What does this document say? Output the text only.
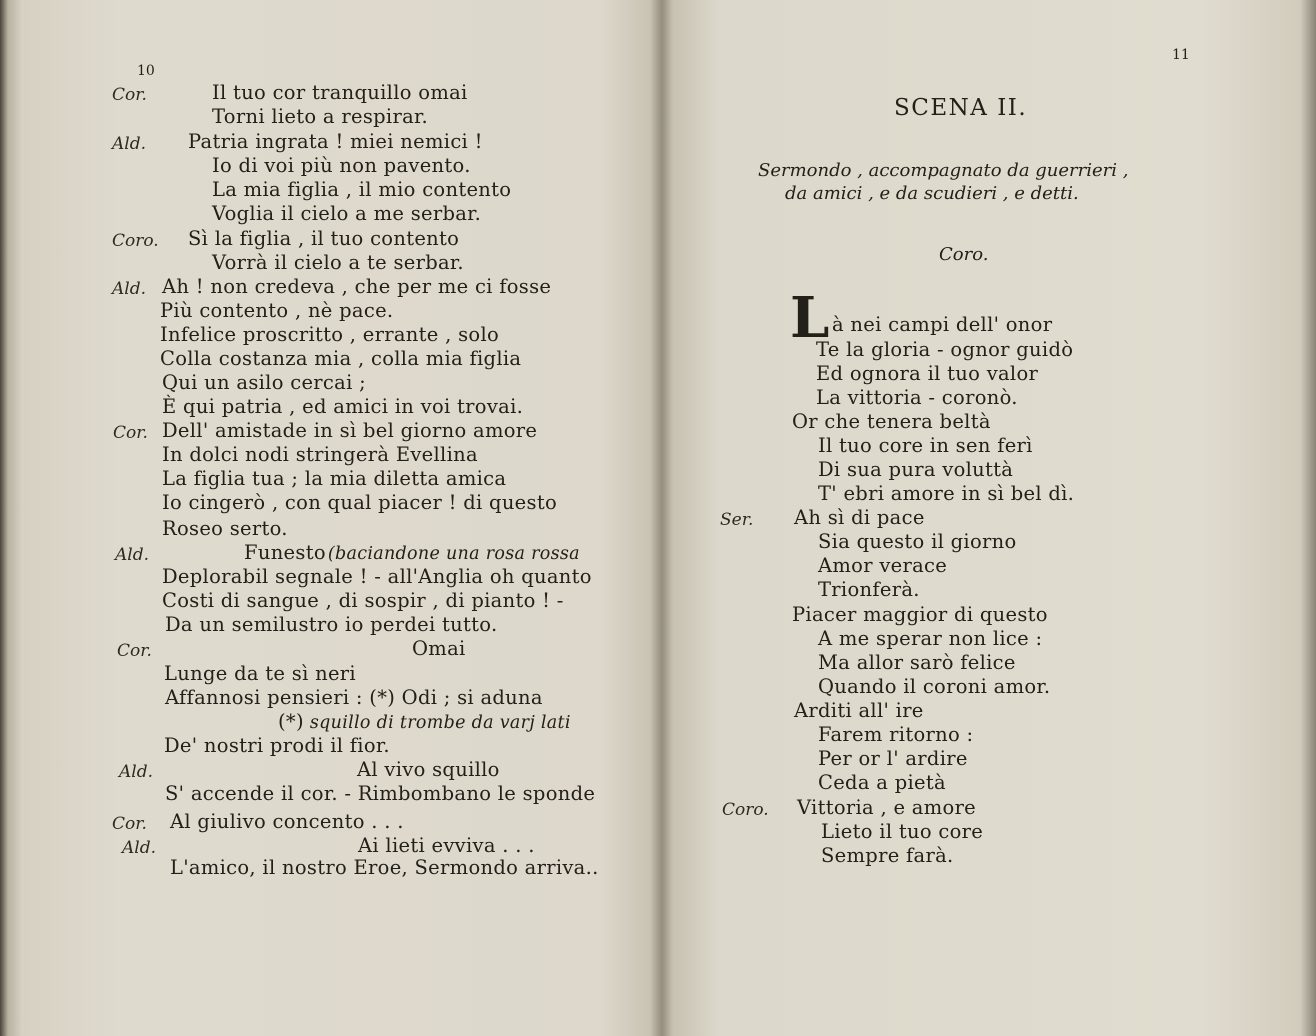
10
Cor.	Il tuo cor tranquillo omai
Torni lieto a respirar.
Ald. Patria ingrata ! miei nemici !
Io di voi più non pavento.
La mia figlia , il mio contento
Voglia il cielo a me serbar.
Coro. Sì la figlia , il tuo contento
Vorrà il cielo a te serbar.
Ald. Ah ! non credeva , che per me ci fosse
Più contento , nè pace.
Infelice proscritto , errante , solo
Colla costanza mia , colla mia figlia
Qui un asilo cercai ;
È qui patria , ed amici in voi trovai.
Cor. Dell' amistade in sì bel giorno amore
In dolci nodi stringerà Evellina
La figlia tua ; la mia diletta amica
Io cingerò , con qual piacer ! di questo
Roseo serto.
Ald.	Funesto (baciandone una rosa rossa
Deplorabil segnale ! - all'Anglia oh quanto
Costi di sangue , di sospir , di pianto ! -
Da un semilustro io perdei tutto.
Cor.	Omai
Lunge da te sì neri
Affannosi pensieri : (*) Odi ; si aduna
(*) squillo di trombe da varj lati
De' nostri prodi il fior.
Ald.	Al vivo squillo
S' accende il cor. - Rimbombano le sponde
Cor. Al giulivo concento . . .
Ald.	Ai lieti evviva . . .
L'amico, il nostro Eroe, Sermondo arriva..
11
SCENA II.
Sermondo , accompagnato da guerrieri ,
da amici , e da scudieri , e detti.
Coro.
L à nei campi dell' onor
Te la gloria - ognor guidò
Ed ognora il tuo valor
La vittoria - coronò.
Or che tenera beltà
Il tuo core in sen ferì
Di sua pura voluttà
T' ebri amore in sì bel dì.
Ser. Ah sì di pace
Sia questo il giorno
Amor verace
Trionferà.
Piacer maggior di questo
A me sperar non lice :
Ma allor sarò felice
Quando il coroni amor.
Arditi all' ire
Farem ritorno :
Per or l' ardire
Ceda a pietà
Coro. Vittoria , e amore
Lieto il tuo core
Sempre farà.
